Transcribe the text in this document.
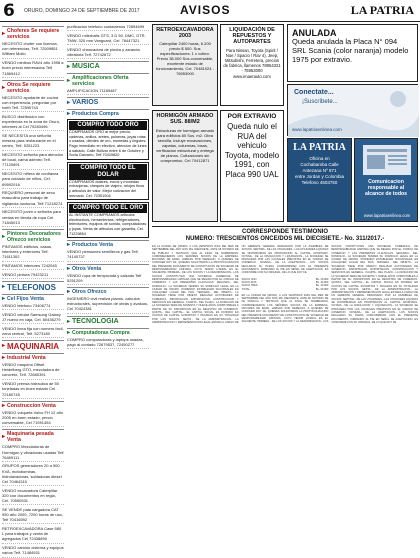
6 ORURO, DOMINGO 24 DE SEPTIEMBRE DE 2017	AVISOS	LA PATRIA
▸ Choferes Se requiere servicios
NECESITO chofer con licencia, con referencias, Telf. 72509851 William Mollo
VENDO minibus RAV4 año 1998 a buen precio interesados Telf 71869412
▸ Otros Se requiere servicios
NECESITO ayudante de cocina con experiencia, preguntar por Iveth Telf. 72590743
BUSCO distribuidor con experiencia en la zona de Oruro, informes al Cel 79283496
SE NECESITA una señorita mesera para restaurante en el centro, Telf. 5251223
NECESITO señorita para atención de local, cama adentro Telf. 77120891
NECESITO niñera de confianza para cuidado de niños, Cel. 69592016
REQUIERO personal de sexo masculino para trabajo de vigilancia nocturna, Telf 71218274
NECESITO joven o señorita para ventas en tienda de ropa Cel. 71845013
▸ Pintores Decoradores Ofrezco servicios
PINTAMOS edificios, casas, interiores y exteriores Telf. 71611302
PINTAMOS interiores 7242045
VENDO pintura 79423211
▸ TELEFONOS
▸ Cel Fijos Venta
VENDO telefono 73406774
VENDO celular Samsung Galaxy J7 nuevo en caja, Cel. 60436279
VENDO linea fija con numero facil, zona central, Telf. 5273180
▸ MAQUINARIA
▸ Industrial Venta
VENDO maquina Offset Heidelberg GTO, mezcladora de concreto, Telf. 72680391
VENDO prensa hidraulica de 50 toneladas en buen estado Cel 72180745
▸ Construccion Venta
VENDO volqueta Volvo FH 12 año 2005 en buen estado, precio conversable, Cel 71591454
▸ Maquinaria pesada Venta
COMPRO Mezcladoras de Hormigon y vibradoras usadas Telf 76469111
GRUPOS generadores 20 a 500 KVA, motobombas, hidrolavadoras, soldadoras diesel Cel 70464315
VENDO excavadora Caterpillar 320 con documentos en regla, Cel. 70590531
SE VENDE pala cargadora CAT 950 año 2000, 7200 horas de uso, Telf 70416592
RETROEXCAVADORA Case 580 L para trabajos y venta de agregados Cel 72438890
VENDO camion cisterna y equipos varios Telf. 71484931
purificacion telefono contactenos 72694699
VENDO rollerballs GTS, 3 D 50, DMC, DTR, TMW, 320 mm Vanguard, Cel. 76447321
VENDO chancadora de piedra y zaranda vibratoria Telf. 72742672
▸ MUSICA
▸ Amplificaciones Oferta servicios
AMPLIFICACION 71189487
▸ VARIOS
▸ Productos Compra
COMPRO TODO ORO
COMPRAMOS ORO al mejor precio, cadenas, anillos, aretes, pulseras, joyas rotas o usadas, dientes de oro, monedas y lingotes. Pago inmediato en efectivo, atencion de lunes a sabado. Calle Bolivar entre 6 de Octubre y Soria Galvarro, Telf 70419820
COMPRO TODO EL DOLAR
COMPRAMOS dolares, euros y monedas extranjeras, cheques de viajero, relojes finos y articulos de valor. Mejor cotizacion del mercado. Cel. 72351004
COMPRO TODO EL ORO
AL INSTANTE COMPRAMOS articulos electronicos, herramientas, refrigeradores, televisores, equipos de sonido, computadoras y joyas. Venta de articulos con garantia, Cel. 71229854
▸ Productos Venta
VENDO pensiones semilleros y gas Telf. 74140737
▸ Otros Venta
VENDO ropa de temporada y calzado Telf 5251209
▸ Otros Ofrezco
INGENIERO civil realiza planos, calculos estructurales, supervision de obras y avaluos, Cel 70424381
▸ TECNOLOGIA
▸ Computadoras Compra
COMPRO computadoras y laptops usadas, pago al contado 72679537, 72450277
RETROEXCAVADORA 2003
Caterpillar 2400 horas, 6.200 precio $ 500. Sus especificaciones: 1 x volteo. Precio 38.000 Sus conversable, excelente estado de funcionamiento, Cel. 70481924 - 76953000
LIQUIDACIÓN DE REPUESTOS Y AUTOPARTES
Para Nissan, Toyota (Spirit / Noe / Spacio / Rav 4), Jeep, Mitsubishi, Ferretera, precios de fabrica, llamenos 78954321 - 76953000 www.imaerauto.com
ANULADA
Queda anulada la Placa N° 094 SRL Scania (color naranja) modelo 1975 por extravio.
Conectate...
¡Suscríbete...
www.lapatriaenlinea.com
HORMIGÓN ARMADO SUS. 88/M2
Estructuras de hormigon armado para edificios 80 Sus. m2. Obra sencilla, incluye excavaciones, zapatas, columnas, losas, verificacion estructural y entrega de planos. Cotizaciones sin compromiso, Cel 70412871
POR EXTRAVIO
Queda nulo el RUA del vehiculo Toyota, modelo 1991, con Placa 990 UAL
LA PATRIA
Oficina en
Cochabamba Calle
Antezana Nº 871
entre Jordan y Colombia
Telefono 4503750	Comunicacion responsable al alcance de todos
www.lapatriaenlinea.com
CORRESPONDE TESTIMONIO
NUMERO: TRESCIENTOS ONCE/DOS MIL DIECISIETE.- No. 311/2017.-
EN LA CIUDAD DE ORURO, A LOS VEINTIDOS DIAS DEL MES DE SEPTIEMBRE DEL AÑO DOS MIL DIECISIETE, ANTE MI NOTARIO DE FE PUBLICA Y TESTIGOS QUE AL FINAL SE NOMBRARAN, COMPARECIERON LOS SEÑORES SOCIOS DE LA EMPRESA, MAYORES DE EDAD, HABILES POR DERECHO, A QUIENES DE CONOCER DOY FE, QUIENES SOLICITARON LA PROTOCOLIZACION DEL PRESENTE DOCUMENTO DE CONSTITUCION DE SOCIEDAD DE RESPONSABILIDAD LIMITADA, CUYO TENOR LITERAL ES EL SIGUIENTE: PRIMERA.- DE LOS SOCIOS Y LA DENOMINACION.- LOS SOCIOS CONSTITUYEN UNA SOCIEDAD COMERCIAL DE RESPONSABILIDAD LIMITADA QUE SE REGIRA POR EL CODIGO DE COMERCIO Y LAS PRESENTES CLAUSULAS. SEGUNDA.- DEL DOMICILIO.- LA SOCIEDAD TENDRA SU DOMICILIO LEGAL EN LA CIUDAD DE ORURO, PUDIENDO ESTABLECER SUCURSALES EN CUALQUIER LUGAR DEL PAIS. TERCERA.- DEL OBJETO.- LA SOCIEDAD TIENE POR OBJETO REALIZAR ACTIVIDADES DE COMERCIO, IMPORTACION, EXPORTACION, CONSTRUCCION Y SERVICIOS EN GENERAL. CUARTA.- DEL PLAZO.- LA DURACION DE LA SOCIEDAD SERA DE NOVENTA Y NUEVE AÑOS COMPUTABLES A PARTIR DE SU INSCRIPCION EN EL REGISTRO DE COMERCIO. QUINTA.- DEL CAPITAL.- EL CAPITAL SOCIAL ES DIVIDIDO EN CUOTAS DE CAPITAL SUSCRITAS Y PAGADAS EN SU TOTALIDAD POR LOS SOCIOS. SEXTA.- DE LA ADMINISTRACION.- LA ADMINISTRACION Y REPRESENTACION LEGAL ESTARA A CARGO DE UN GERENTE GENERAL DESIGNADO POR LA ASAMBLEA DE SOCIOS. SEPTIMA.- DE LAS UTILIDADES.- LAS UTILIDADES LIQUIDAS SE DISTRIBUIRAN EN PROPORCION AL CAPITAL APORTADO. OCTAVA.- DE LA DISOLUCION Y LIQUIDACION.- LA SOCIEDAD SE DISOLVERA POR LAS CAUSALES PREVISTAS EN EL CODIGO DE COMERCIO. NOVENA.- DE LA ACEPTACION.- LOS SOCIOS DECLARAN SU PLENA CONFORMIDAD CON EL PRESENTE DOCUMENTO, FIRMANDO AL PIE EN SEÑAL DE ACEPTACION. ES CONFORME CON SU ORIGINAL, DE LO QUE DOY FE.
SOCIO UNO	Bs. 10.000
SOCIO DOS	Bs. 10.000
SOCIO TRES	Bs. 10.000
TOTAL	Bs. 30.000
EN LA CIUDAD DE ORURO, A LOS VEINTIDOS DIAS DEL MES DE SEPTIEMBRE DEL AÑO DOS MIL DIECISIETE, ANTE MI NOTARIO DE FE PUBLICA Y TESTIGOS QUE AL FINAL SE NOMBRARAN, COMPARECIERON LOS SEÑORES SOCIOS DE LA EMPRESA, MAYORES DE EDAD, HABILES POR DERECHO, A QUIENES DE CONOCER DOY FE, QUIENES SOLICITARON LA PROTOCOLIZACION DEL PRESENTE DOCUMENTO DE CONSTITUCION DE SOCIEDAD DE RESPONSABILIDAD LIMITADA, CUYO TENOR LITERAL ES EL SIGUIENTE: PRIMERA.- DE LOS SOCIOS Y LA DENOMINACION.- LOS SOCIOS CONSTITUYEN UNA SOCIEDAD COMERCIAL DE RESPONSABILIDAD LIMITADA QUE SE REGIRA POR EL CODIGO DE COMERCIO Y LAS PRESENTES CLAUSULAS. SEGUNDA.- DEL DOMICILIO.- LA SOCIEDAD TENDRA SU DOMICILIO LEGAL EN LA CIUDAD DE ORURO, PUDIENDO ESTABLECER SUCURSALES EN CUALQUIER LUGAR DEL PAIS. TERCERA.- DEL OBJETO.- LA SOCIEDAD TIENE POR OBJETO REALIZAR ACTIVIDADES DE COMERCIO, IMPORTACION, EXPORTACION, CONSTRUCCION Y SERVICIOS EN GENERAL. CUARTA.- DEL PLAZO.- LA DURACION DE LA SOCIEDAD SERA DE NOVENTA Y NUEVE AÑOS COMPUTABLES A PARTIR DE SU INSCRIPCION EN EL REGISTRO DE COMERCIO. QUINTA.- DEL CAPITAL.- EL CAPITAL SOCIAL ES DIVIDIDO EN CUOTAS DE CAPITAL SUSCRITAS Y PAGADAS EN SU TOTALIDAD POR LOS SOCIOS. SEXTA.- DE LA ADMINISTRACION.- LA ADMINISTRACION Y REPRESENTACION LEGAL ESTARA A CARGO DE UN GERENTE GENERAL DESIGNADO POR LA ASAMBLEA DE SOCIOS. SEPTIMA.- DE LAS UTILIDADES.- LAS UTILIDADES LIQUIDAS SE DISTRIBUIRAN EN PROPORCION AL CAPITAL APORTADO. OCTAVA.- DE LA DISOLUCION Y LIQUIDACION.- LA SOCIEDAD SE DISOLVERA POR LAS CAUSALES PREVISTAS EN EL CODIGO DE COMERCIO. NOVENA.- DE LA ACEPTACION.- LOS SOCIOS DECLARAN SU PLENA CONFORMIDAD CON EL PRESENTE DOCUMENTO, FIRMANDO AL PIE EN SEÑAL DE ACEPTACION. ES CONFORME CON SU ORIGINAL, DE LO QUE DOY FE.
